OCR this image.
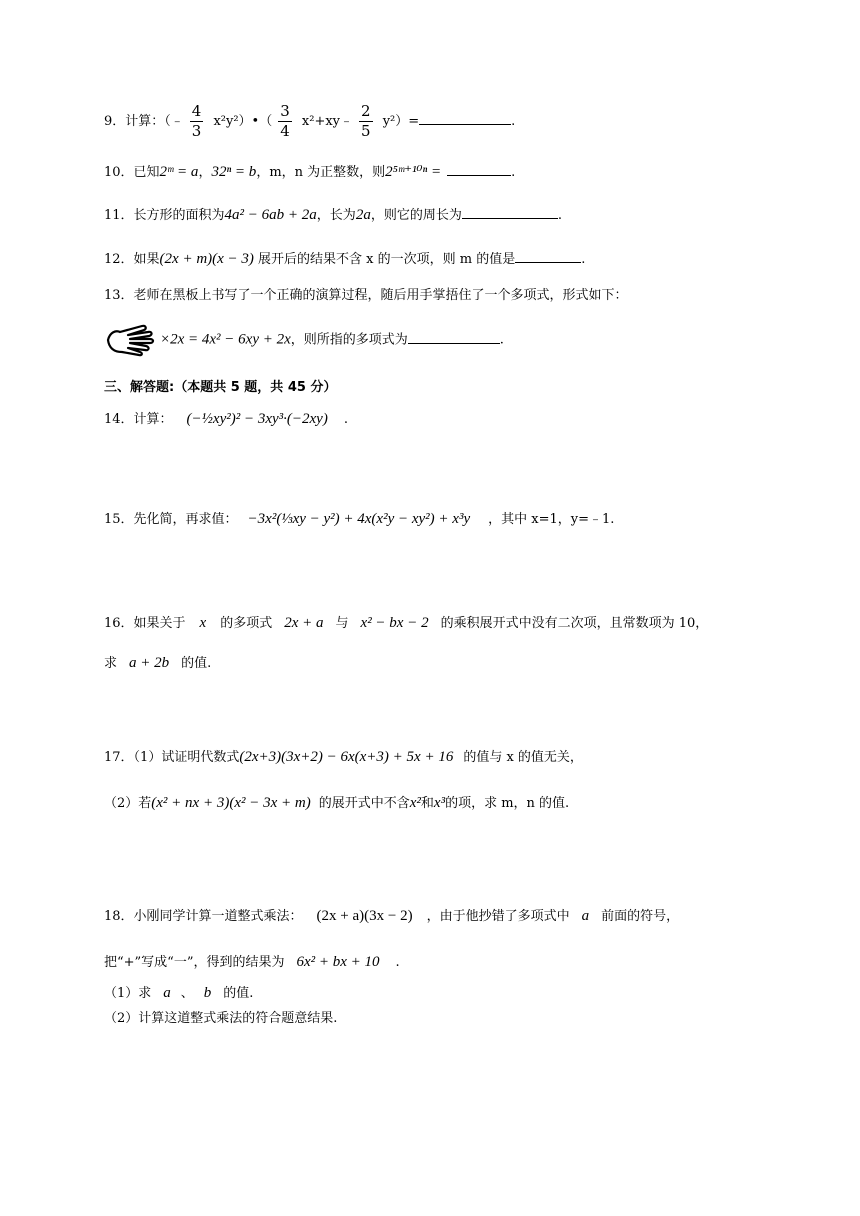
9．计算：（﹣ $\frac{4}{3}$ x²y²）•（ $\frac{3}{4}$ x²+xy﹣ $\frac{2}{5} y^2)=$	.
10．已知2ᵐ = a，32ⁿ = b，m，n 为正整数，则2⁵ᵐ⁺¹⁰ⁿ =	.
11．长方形的面积为4a² − 6ab + 2a，长为2a，则它的周长为	.
12．如果(2x + m)(x − 3) 展开后的结果不含 x 的一次项，则 m 的值是	.
13．老师在黑板上书写了一个正确的演算过程，随后用手掌捂住了一个多项式，形式如下：
×2x = 4x² − 6xy + 2x，则所指的多项式为	.
三、解答题:（本题共 5 题，共 45 分）
14．计算： (−½xy²)² − 3xy³·(−2xy) .
15．先化简，再求值： −3x²(⅓xy − y²) + 4x(x²y − xy²) + x³y ，其中 x=1，y=﹣1.
16．如果关于 x 的多项式 2x + a 与 x² − bx − 2 的乘积展开式中没有二次项，且常数项为 10，
求 a + 2b 的值.
17．（1）试证明代数式(2x+3)(3x+2) − 6x(x+3) + 5x + 16 的值与 x 的值无关，
（2）若(x² + nx + 3)(x² − 3x + m) 的展开式中不含x²和x³的项，求 m，n 的值.
18．小刚同学计算一道整式乘法： (2x + a)(3x − 2) ，由于他抄错了多项式中 a 前面的符号，
把“+”写成“一”，得到的结果为 6x² + bx + 10 .
（1）求 a 、 b 的值.
（2）计算这道整式乘法的符合题意结果.
